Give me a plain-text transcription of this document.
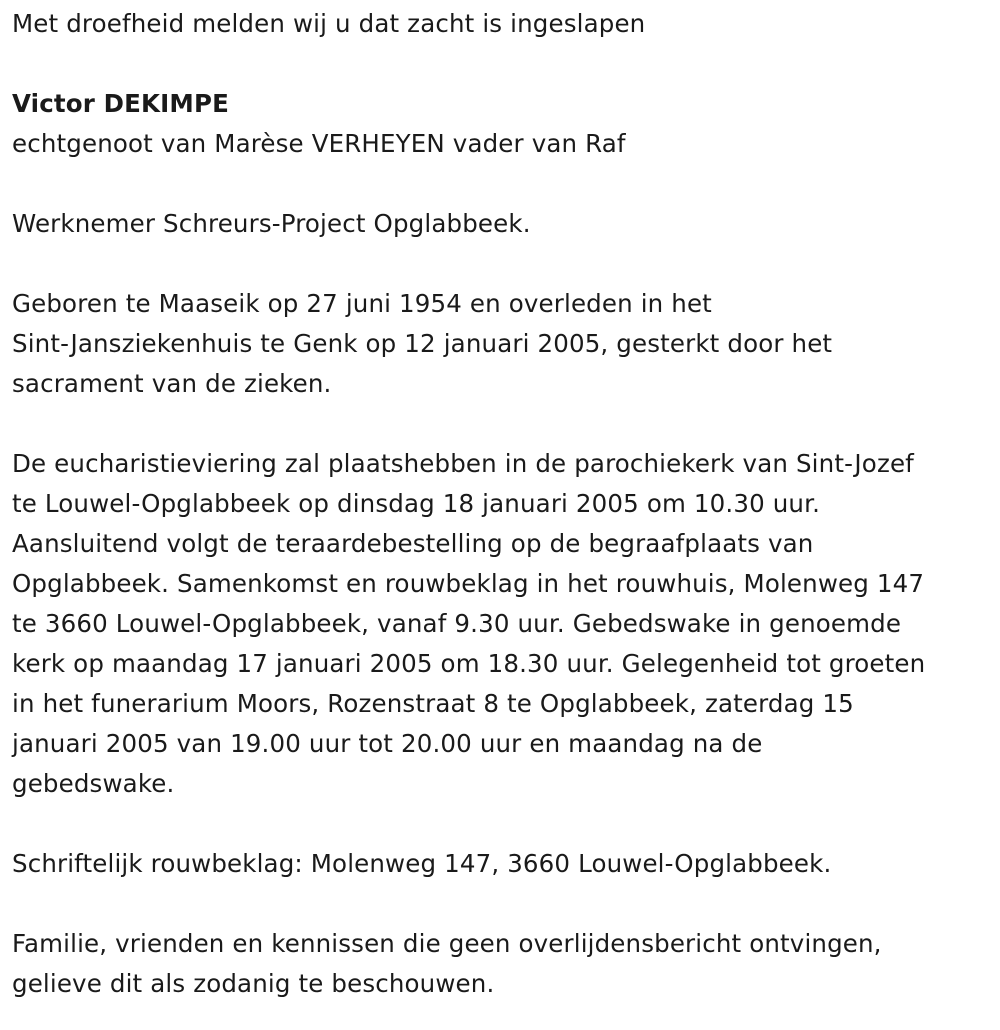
Met droefheid melden wij u dat zacht is ingeslapen

Victor DEKIMPE

echtgenoot van Marèse VERHEYEN vader van Raf

Werknemer Schreurs-Project Opglabbeek.

Geboren te Maaseik op 27 juni 1954 en overleden in het

Sint-Jansziekenhuis te Genk op 12 januari 2005, gesterkt door het

sacrament van de zieken.

De eucharistieviering zal plaatshebben in de parochiekerk van Sint-Jozef

te Louwel-Opglabbeek op dinsdag 18 januari 2005 om 10.30 uur.

Aansluitend volgt de teraardebestelling op de begraafplaats van

Opglabbeek. Samenkomst en rouwbeklag in het rouwhuis, Molenweg 147

te 3660 Louwel-Opglabbeek, vanaf 9.30 uur. Gebedswake in genoemde

kerk op maandag 17 januari 2005 om 18.30 uur. Gelegenheid tot groeten

in het funerarium Moors, Rozenstraat 8 te Opglabbeek, zaterdag 15

januari 2005 van 19.00 uur tot 20.00 uur en maandag na de

gebedswake.

Schriftelijk rouwbeklag: Molenweg 147, 3660 Louwel-Opglabbeek.

Familie, vrienden en kennissen die geen overlijdensbericht ontvingen,

gelieve dit als zodanig te beschouwen.
